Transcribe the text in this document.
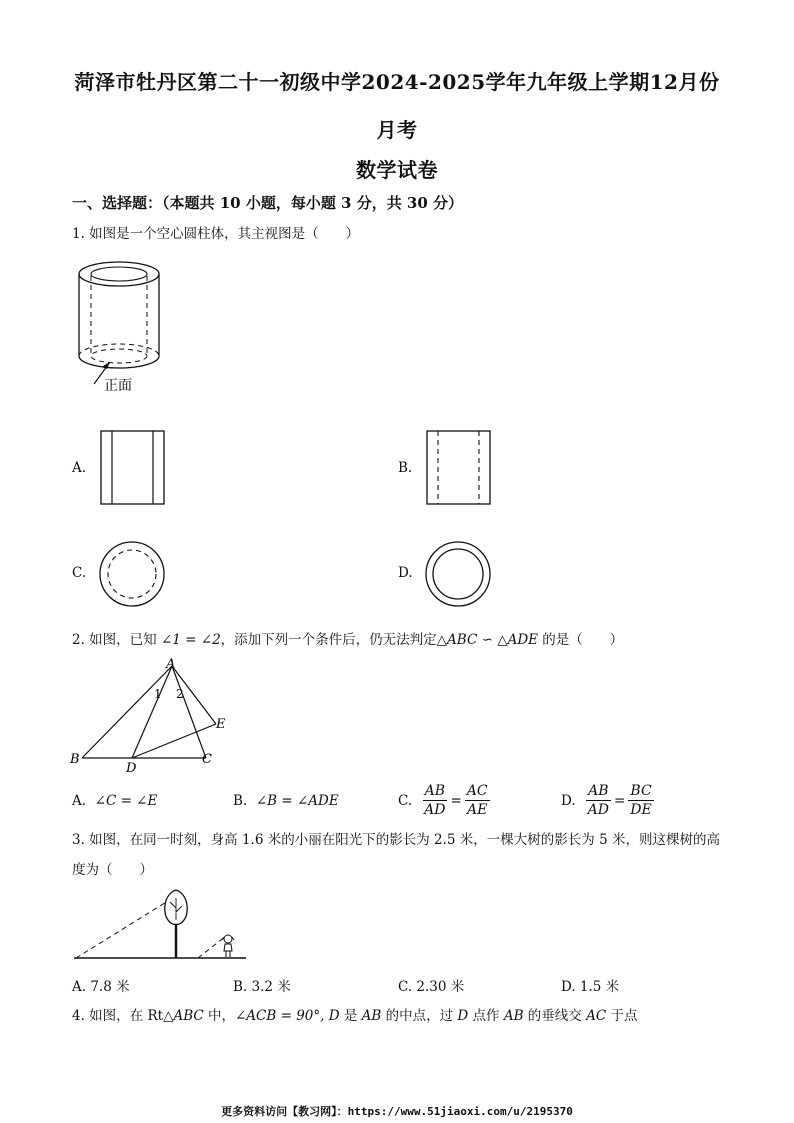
菏泽市牡丹区第二十一初级中学2024-2025学年九年级上学期12月份
月考
数学试卷
一、选择题：（本题共 10 小题，每小题 3 分，共 30 分）
1. 如图是一个空心圆柱体，其主视图是（　　）
正面
A.	B.
C.	D.
2. 如图，已知 ∠1 = ∠2，添加下列一个条件后，仍无法判定△ABC ∽ △ADE 的是（　　）
A
B	C
D
E
1 2
A. ∠C = ∠E	B. ∠B = ∠ADE	C. $\frac{AB}{AD} = \frac{AC}{AE}$	D. $\frac{AB}{AD} = \frac{BC}{DE}$
3. 如图，在同一时刻，身高 1.6 米的小丽在阳光下的影长为 2.5 米，一棵大树的影长为 5 米，则这棵树的高
度为（　　）
A. 7.8 米	B. 3.2 米	C. 2.30 米	D. 1.5 米
4. 如图，在 Rt△ABC 中，∠ACB = 90°, D 是 AB 的中点，过 D 点作 AB 的垂线交 AC 于点
更多资料访问【教习网】：https://www.51jiaoxi.com/u/2195370
